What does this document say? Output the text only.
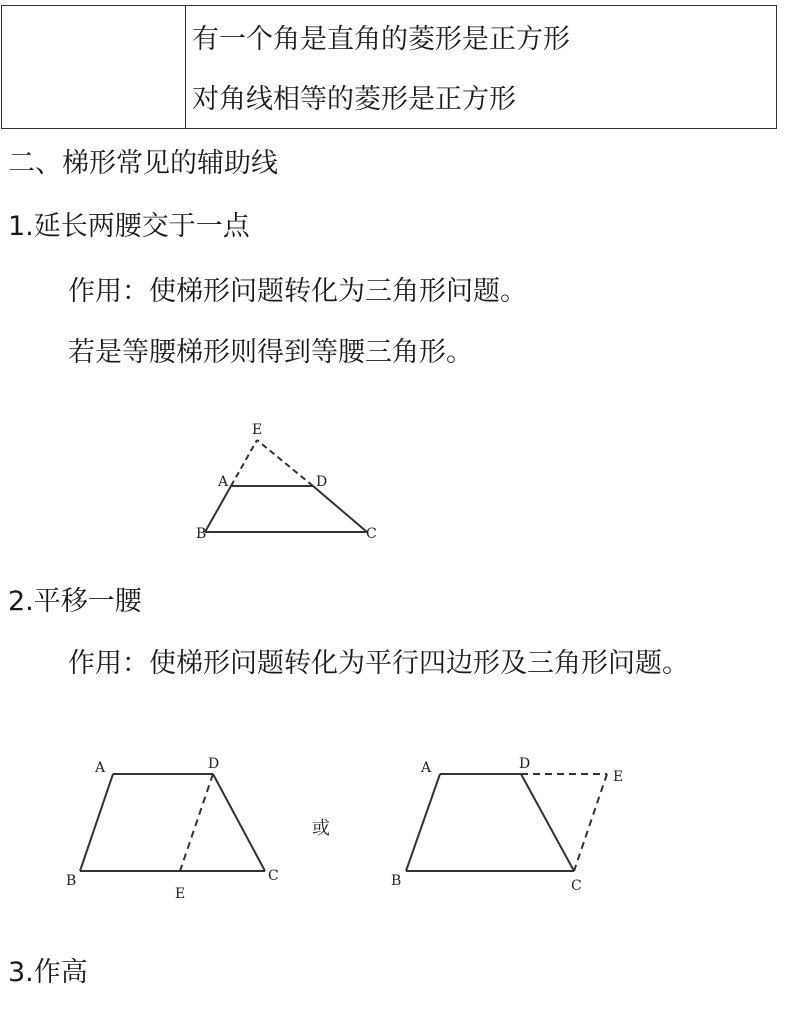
有一个角是直角的菱形是正方形
对角线相等的菱形是正方形
二、梯形常见的辅助线
1.延长两腰交于一点
作用：使梯形问题转化为三角形问题。
若是等腰梯形则得到等腰三角形。
2.平移一腰
作用：使梯形问题转化为平行四边形及三角形问题。
3.作高
E
A	D
B	C
A	D
B	C
E
或
A	D
E
B	C
